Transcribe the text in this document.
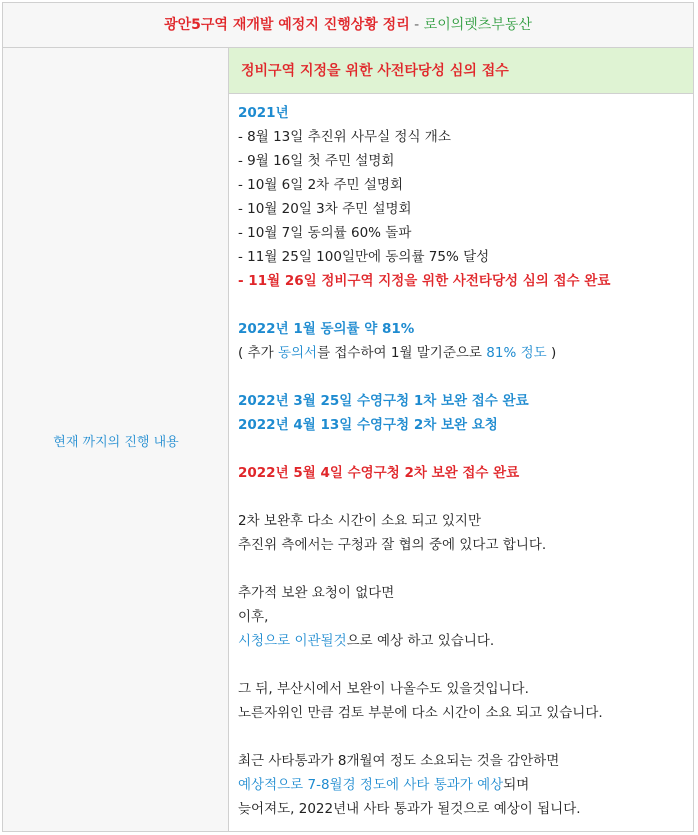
광안5구역 재개발 예정지 진행상황 정리 - 로이의렛츠부동산
현재 까지의 진행 내용
정비구역 지정을 위한 사전타당성 심의 접수
2021년
- 8월 13일 추진위 사무실 정식 개소
- 9월 16일 첫 주민 설명회
- 10월 6일 2차 주민 설명회
- 10월 20일 3차 주민 설명회
- 10월 7일 동의률 60% 돌파
- 11월 25일 100일만에 동의률 75% 달성
- 11월 26일 정비구역 지정을 위한 사전타당성 심의 접수 완료
2022년 1월 동의률 약 81%
( 추가 동의서를 접수하여 1월 말기준으로 81% 정도 )
2022년 3월 25일 수영구청 1차 보완 접수 완료
2022년 4월 13일 수영구청 2차 보완 요청
2022년 5월 4일 수영구청 2차 보완 접수 완료
2차 보완후 다소 시간이 소요 되고 있지만
추진위 측에서는 구청과 잘 협의 중에 있다고 합니다.
추가적 보완 요청이 없다면
이후,
시청으로 이관될것으로 예상 하고 있습니다.
그 뒤, 부산시에서 보완이 나올수도 있을것입니다.
노른자위인 만큼 검토 부분에 다소 시간이 소요 되고 있습니다.
최근 사타통과가 8개월여 정도 소요되는 것을 감안하면
예상적으로 7-8월경 정도에 사타 통과가 예상되며
늦어져도, 2022년내 사타 통과가 될것으로 예상이 됩니다.
